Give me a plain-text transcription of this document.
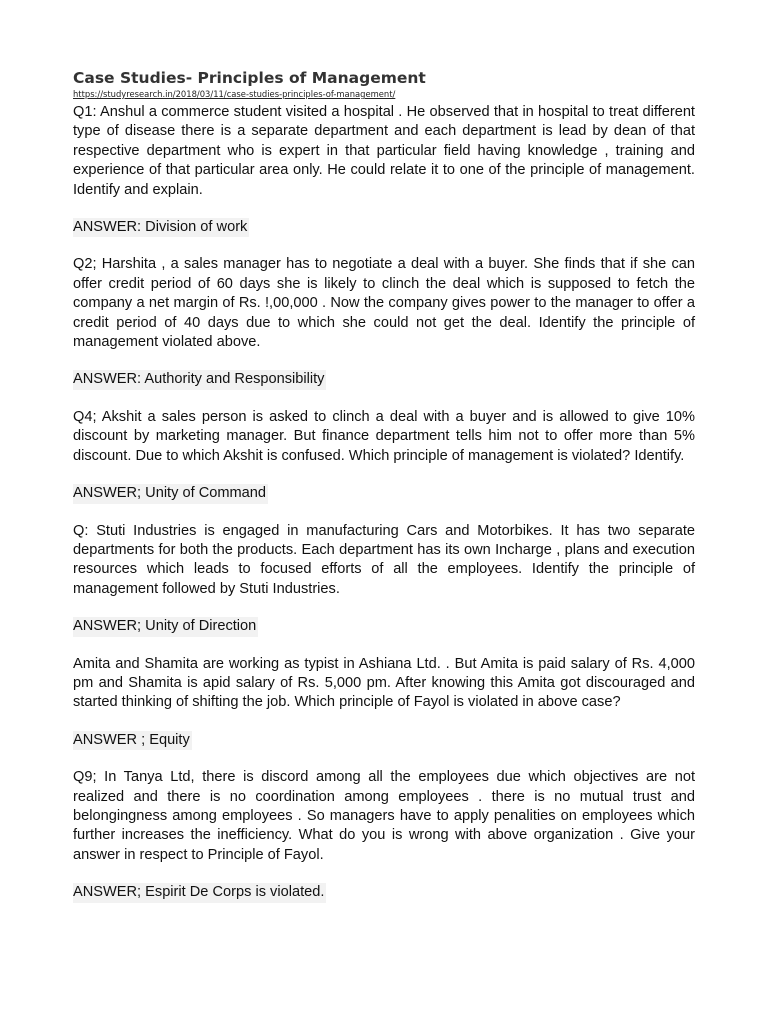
Case Studies- Principles of Management
https://studyresearch.in/2018/03/11/case-studies-principles-of-management/

Q1: Anshul a commerce student visited a hospital . He observed that in hospital to treat different type of disease there is a separate department and each department is lead by dean of that respective department who is expert in that particular field having knowledge , training and experience of that particular area only. He could relate it to one of the principle of management. Identify and explain.

ANSWER: Division of work

Q2; Harshita , a sales manager has to negotiate a deal with a buyer. She finds that if she can offer credit period of 60 days she is likely to clinch the deal which is supposed to fetch the company a net margin of Rs. !,00,000 . Now the company gives power to the manager to offer a credit period of 40 days due to which she could not get the deal. Identify the principle of management violated above.

ANSWER: Authority and Responsibility

Q4; Akshit a sales person is asked to clinch a deal with a buyer and is allowed to give 10% discount by marketing manager. But finance department tells him not to offer more than 5% discount. Due to which Akshit is confused. Which principle of management is violated? Identify.

ANSWER; Unity of Command

Q: Stuti Industries is engaged in manufacturing Cars and Motorbikes. It has two separate departments for both the products. Each department has its own Incharge , plans and execution resources which leads to focused efforts of all the employees. Identify the principle of management followed by Stuti Industries.

ANSWER; Unity of Direction

Amita and Shamita are working as typist in Ashiana Ltd. . But Amita is paid salary of Rs. 4,000 pm and Shamita is apid salary of Rs. 5,000 pm. After knowing this Amita got discouraged and started thinking of shifting the job. Which principle of Fayol is violated in above case?

ANSWER ; Equity

Q9; In Tanya Ltd, there is discord among all the employees due which objectives are not realized and there is no coordination among employees . there is no mutual trust and belongingness among employees . So managers have to apply penalities on employees which further increases the inefficiency. What do you is wrong with above organization . Give your answer in respect to Principle of Fayol.

ANSWER; Espirit De Corps is violated.
